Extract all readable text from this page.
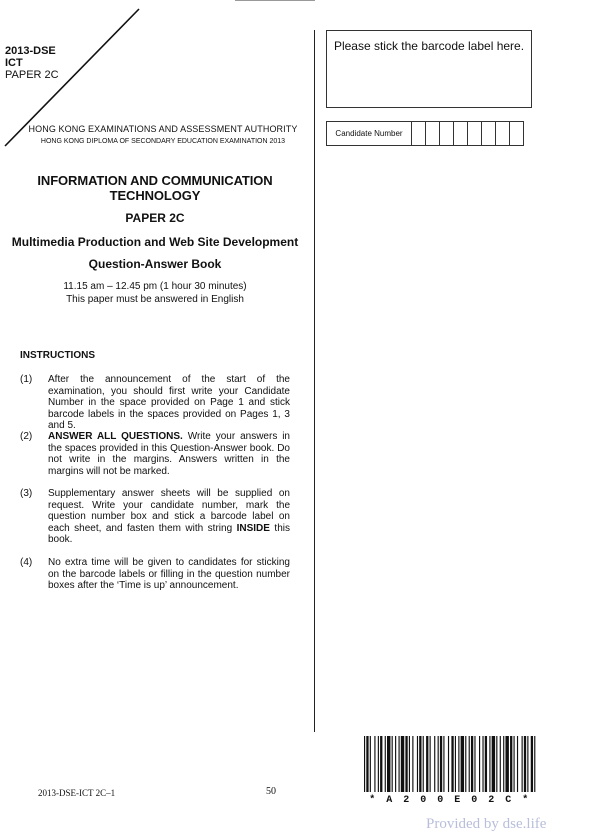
2013-DSE
ICT
PAPER 2C
HONG KONG EXAMINATIONS AND ASSESSMENT AUTHORITY
HONG KONG DIPLOMA OF SECONDARY EDUCATION EXAMINATION 2013
Please stick the barcode label here.
Candidate Number
INFORMATION AND COMMUNICATION TECHNOLOGY
PAPER 2C
Multimedia Production and Web Site Development
Question-Answer Book
11.15 am – 12.45 pm (1 hour 30 minutes)
This paper must be answered in English
INSTRUCTIONS
(1)	After the announcement of the start of the examination, you should first write your Candidate Number in the space provided on Page 1 and stick barcode labels in the spaces provided on Pages 1, 3 and 5.
(2)	ANSWER ALL QUESTIONS. Write your answers in the spaces provided in this Question-Answer book. Do not write in the margins. Answers written in the margins will not be marked.
(3)	Supplementary answer sheets will be supplied on request. Write your candidate number, mark the question number box and stick a barcode label on each sheet, and fasten them with string INSIDE this book.
(4)	No extra time will be given to candidates for sticking on the barcode labels or filling in the question number boxes after the ‘Time is up’ announcement.
2013-DSE-ICT 2C–1	50
* A 2 0 0 E 0 2 C *
Provided by dse.life
